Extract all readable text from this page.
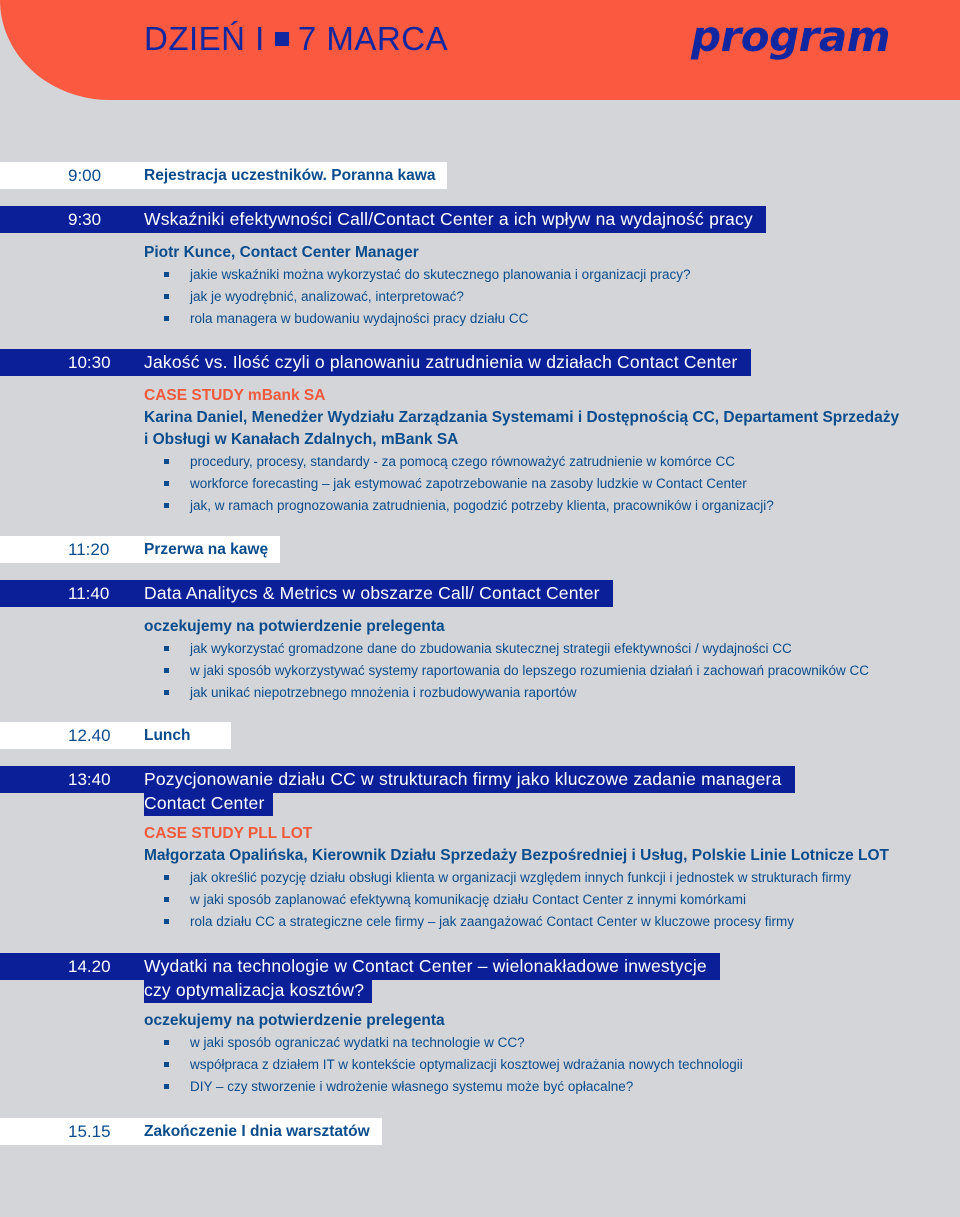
DZIEŃ I 7 MARCA	program
9:00	Rejestracja uczestników. Poranna kawa
9:30	Wskaźniki efektywności Call/Contact Center a ich wpływ na wydajność pracy
Piotr Kunce, Contact Center Manager
jakie wskaźniki można wykorzystać do skutecznego planowania i organizacji pracy?
jak je wyodrębnić, analizować, interpretować?
rola managera w budowaniu wydajności pracy działu CC
10:30	Jakość vs. Ilość czyli o planowaniu zatrudnienia w działach Contact Center
CASE STUDY mBank SA
Karina Daniel, Menedżer Wydziału Zarządzania Systemami i Dostępnością CC, Departament Sprzedaży
i Obsługi w Kanałach Zdalnych, mBank SA
procedury, procesy, standardy - za pomocą czego równoważyć zatrudnienie w komórce CC
workforce forecasting – jak estymować zapotrzebowanie na zasoby ludzkie w Contact Center
jak, w ramach prognozowania zatrudnienia, pogodzić potrzeby klienta, pracowników i organizacji?
11:20	Przerwa na kawę
11:40	Data Analitycs & Metrics w obszarze Call/ Contact Center
oczekujemy na potwierdzenie prelegenta
jak wykorzystać gromadzone dane do zbudowania skutecznej strategii efektywności / wydajności CC
w jaki sposób wykorzystywać systemy raportowania do lepszego rozumienia działań i zachowań pracowników CC
jak unikać niepotrzebnego mnożenia i rozbudowywania raportów
12.40	Lunch
13:40	Pozycjonowanie działu CC w strukturach firmy jako kluczowe zadanie managera
Contact Center
CASE STUDY PLL LOT
Małgorzata Opalińska, Kierownik Działu Sprzedaży Bezpośredniej i Usług, Polskie Linie Lotnicze LOT
jak określić pozycję działu obsługi klienta w organizacji względem innych funkcji i jednostek w strukturach firmy
w jaki sposób zaplanować efektywną komunikację działu Contact Center z innymi komórkami
rola działu CC a strategiczne cele firmy – jak zaangażować Contact Center w kluczowe procesy firmy
14.20	Wydatki na technologie w Contact Center – wielonakładowe inwestycje
czy optymalizacja kosztów?
oczekujemy na potwierdzenie prelegenta
w jaki sposób ograniczać wydatki na technologie w CC?
współpraca z działem IT w kontekście optymalizacji kosztowej wdrażania nowych technologii
DIY – czy stworzenie i wdrożenie własnego systemu może być opłacalne?
15.15	Zakończenie I dnia warsztatów
